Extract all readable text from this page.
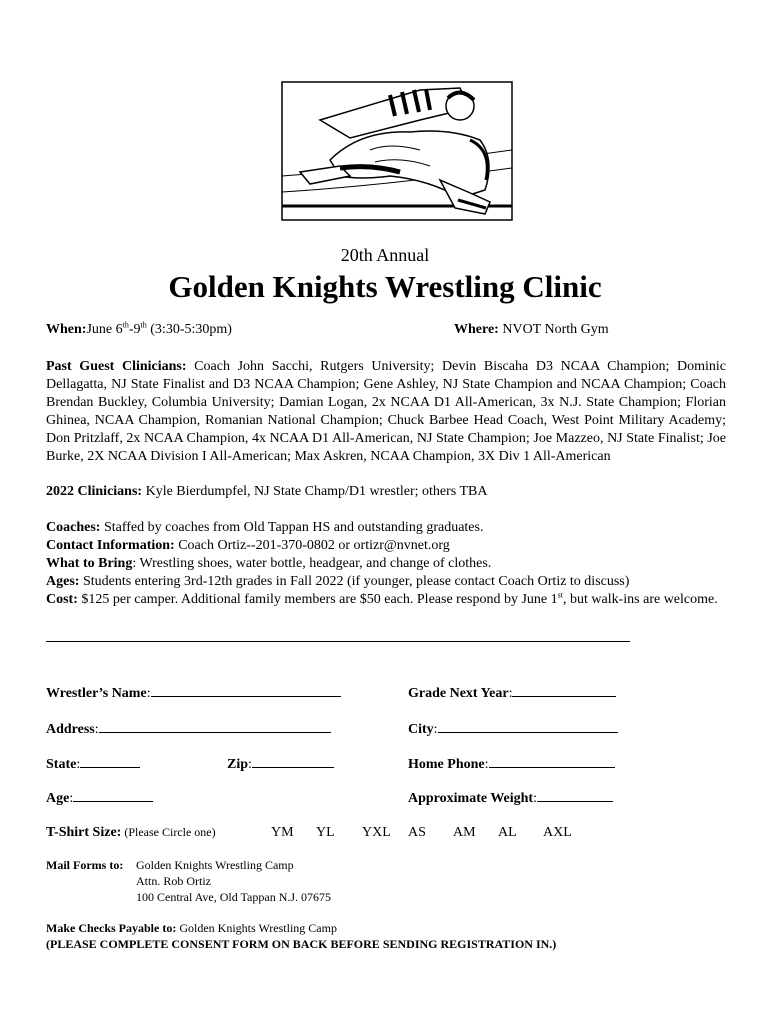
20th Annual
Golden Knights Wrestling Clinic
When:June 6th-9th (3:30-5:30pm)	Where: NVOT North Gym
Past Guest Clinicians: Coach John Sacchi, Rutgers University; Devin Biscaha D3 NCAA Champion; Dominic Dellagatta, NJ State Finalist and D3 NCAA Champion; Gene Ashley, NJ State Champion and NCAA Champion; Coach Brendan Buckley, Columbia University; Damian Logan, 2x NCAA D1 All-American, 3x N.J. State Champion; Florian Ghinea, NCAA Champion, Romanian National Champion; Chuck Barbee Head Coach, West Point Military Academy; Don Pritzlaff, 2x NCAA Champion, 4x NCAA D1 All-American, NJ State Champion; Joe Mazzeo, NJ State Finalist; Joe Burke, 2X NCAA Division I All-American; Max Askren, NCAA Champion, 3X Div 1 All-American
2022 Clinicians: Kyle Bierdumpfel, NJ State Champ/D1 wrestler; others TBA
Coaches: Staffed by coaches from Old Tappan HS and outstanding graduates.
Contact Information: Coach Ortiz--201-370-0802 or ortizr@nvnet.org
What to Bring: Wrestling shoes, water bottle, headgear, and change of clothes.
Ages: Students entering 3rd-12th grades in Fall 2022 (if younger, please contact Coach Ortiz to discuss)
Cost: $125 per camper. Additional family members are $50 each. Please respond by June 1st, but walk-ins are welcome.
Wrestler’s Name:	Grade Next Year:
Address:	City:
State:	Zip:	Home Phone:
Age:	Approximate Weight:
T-Shirt Size: (Please Circle one)	YM YL YXL AS AM AL AXL
Mail Forms to:	Golden Knights Wrestling Camp
Attn. Rob Ortiz
100 Central Ave, Old Tappan N.J. 07675
Make Checks Payable to: Golden Knights Wrestling Camp
(PLEASE COMPLETE CONSENT FORM ON BACK BEFORE SENDING REGISTRATION IN.)
